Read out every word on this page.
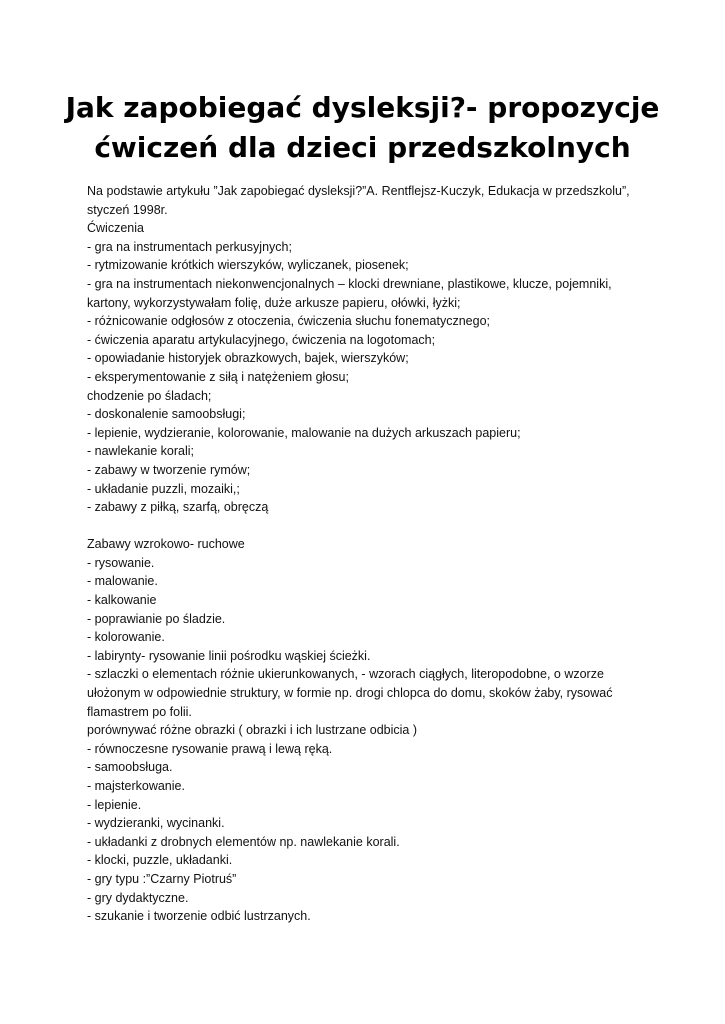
Jak zapobiegać dysleksji?- propozycje
ćwiczeń dla dzieci przedszkolnych
Na podstawie artykułu ”Jak zapobiegać dysleksji?”A. Rentflejsz-Kuczyk, Edukacja w przedszkolu”,
styczeń 1998r.
Ćwiczenia
- gra na instrumentach perkusyjnych;
- rytmizowanie krótkich wierszyków, wyliczanek, piosenek;
- gra na instrumentach niekonwencjonalnych – klocki drewniane, plastikowe, klucze, pojemniki,
kartony, wykorzystywałam folię, duże arkusze papieru, ołówki, łyżki;
- różnicowanie odgłosów z otoczenia, ćwiczenia słuchu fonematycznego;
- ćwiczenia aparatu artykulacyjnego, ćwiczenia na logotomach;
- opowiadanie historyjek obrazkowych, bajek, wierszyków;
- eksperymentowanie z siłą i natężeniem głosu;
chodzenie po śladach;
- doskonalenie samoobsługi;
- lepienie, wydzieranie, kolorowanie, malowanie na dużych arkuszach papieru;
- nawlekanie korali;
- zabawy w tworzenie rymów;
- układanie puzzli, mozaiki,;
- zabawy z piłką, szarfą, obręczą
Zabawy wzrokowo- ruchowe
- rysowanie.
- malowanie.
- kalkowanie
- poprawianie po śladzie.
- kolorowanie.
- labirynty- rysowanie linii pośrodku wąskiej ścieżki.
- szlaczki o elementach różnie ukierunkowanych, - wzorach ciągłych, literopodobne, o wzorze
ułożonym w odpowiednie struktury, w formie np. drogi chlopca do domu, skoków żaby, rysować
flamastrem po folii.
porównywać różne obrazki ( obrazki i ich lustrzane odbicia )
- równoczesne rysowanie prawą i lewą ręką.
- samoobsługa.
- majsterkowanie.
- lepienie.
- wydzieranki, wycinanki.
- układanki z drobnych elementów np. nawlekanie korali.
- klocki, puzzle, układanki.
- gry typu :”Czarny Piotruś”
- gry dydaktyczne.
- szukanie i tworzenie odbić lustrzanych.
